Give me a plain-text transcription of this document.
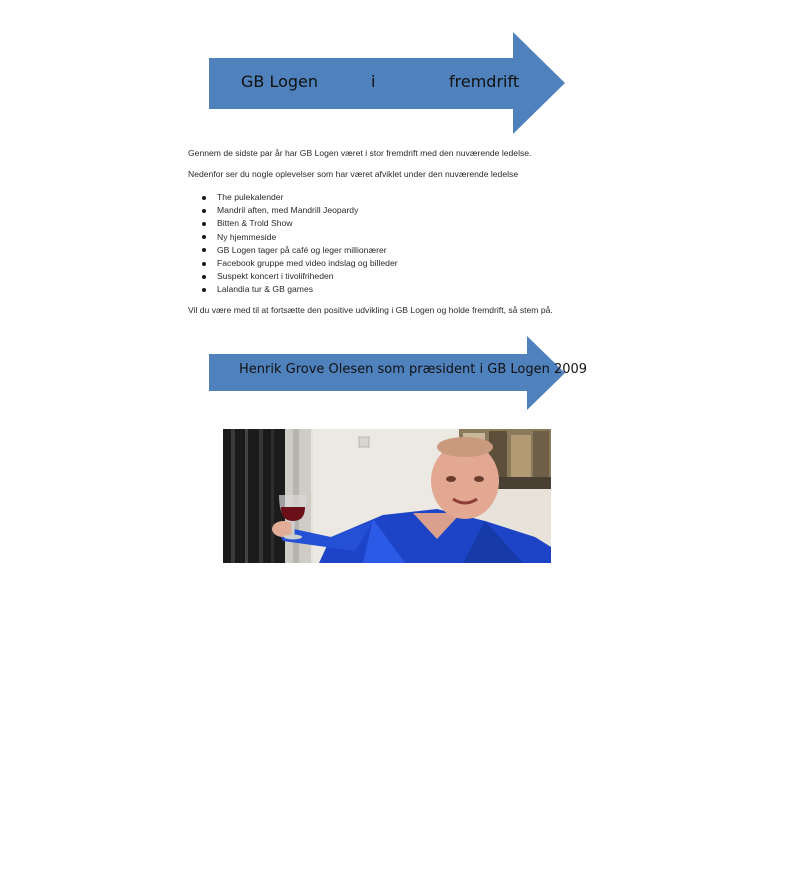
GB Logen	i	fremdrift
Gennem de sidste par år har GB Logen været i stor fremdrift med den nuværende ledelse.
Nedenfor ser du nogle oplevelser som har været afviklet under den nuværende ledelse
The pulekalender
Mandril aften, med Mandrill Jeopardy
Bitten & Trold Show
Ny hjemmeside
GB Logen tager på café og leger millionærer
Facebook gruppe med video indslag og billeder
Suspekt koncert i tivolifriheden
Lalandia tur & GB games
Vil du være med til at fortsætte den positive udvikling i GB Logen og holde fremdrift, så stem på.
Henrik Grove Olesen som præsident i GB Logen 2009
